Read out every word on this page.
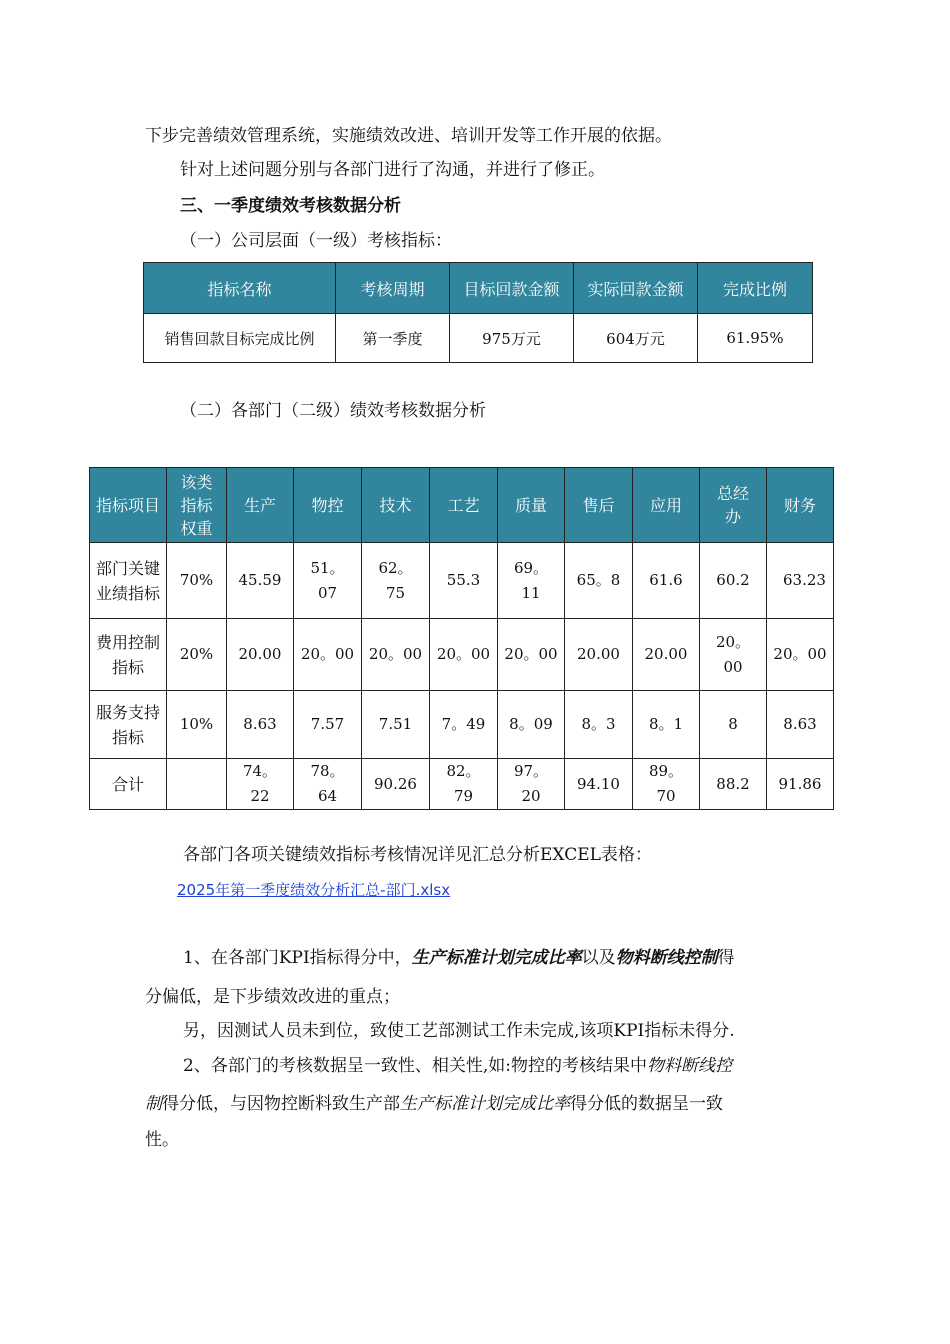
下步完善绩效管理系统，实施绩效改进、培训开发等工作开展的依据。
针对上述问题分别与各部门进行了沟通，并进行了修正。
三、一季度绩效考核数据分析
（一）公司层面（一级）考核指标：
指标名称	考核周期	目标回款金额	实际回款金额	完成比例
销售回款目标完成比例	第一季度	975万元	604万元	61.95%
（二）各部门（二级）绩效考核数据分析
指标项目	该类指标权重	生产	物控	技术	工艺	质量	售后	应用	总经办	财务
部门关键业绩指标	70%	45.59	51。07	62。75	55.3	69。11	65。8	61.6	60.2	63.23
费用控制指标	20%	20.00	20。00	20。00	20。00	20。00	20.00	20.00	20。00	20。00
服务支持指标	10%	8.63	7.57	7.51	7。49	8。09	8。3	8。1	8	8.63
合计		74。22	78。64	90.26	82。79	97。20	94.10	89。70	88.2	91.86
各部门各项关键绩效指标考核情况详见汇总分析EXCEL表格：
2025年第一季度绩效分析汇总-部门.xlsx
1、在各部门KPI指标得分中，生产标准计划完成比率以及物料断线控制得
分偏低，是下步绩效改进的重点；
另，因测试人员未到位，致使工艺部测试工作未完成,该项KPI指标未得分.
2、各部门的考核数据呈一致性、相关性,如:物控的考核结果中物料断线控
制得分低，与因物控断料致生产部生产标准计划完成比率得分低的数据呈一致
性。
